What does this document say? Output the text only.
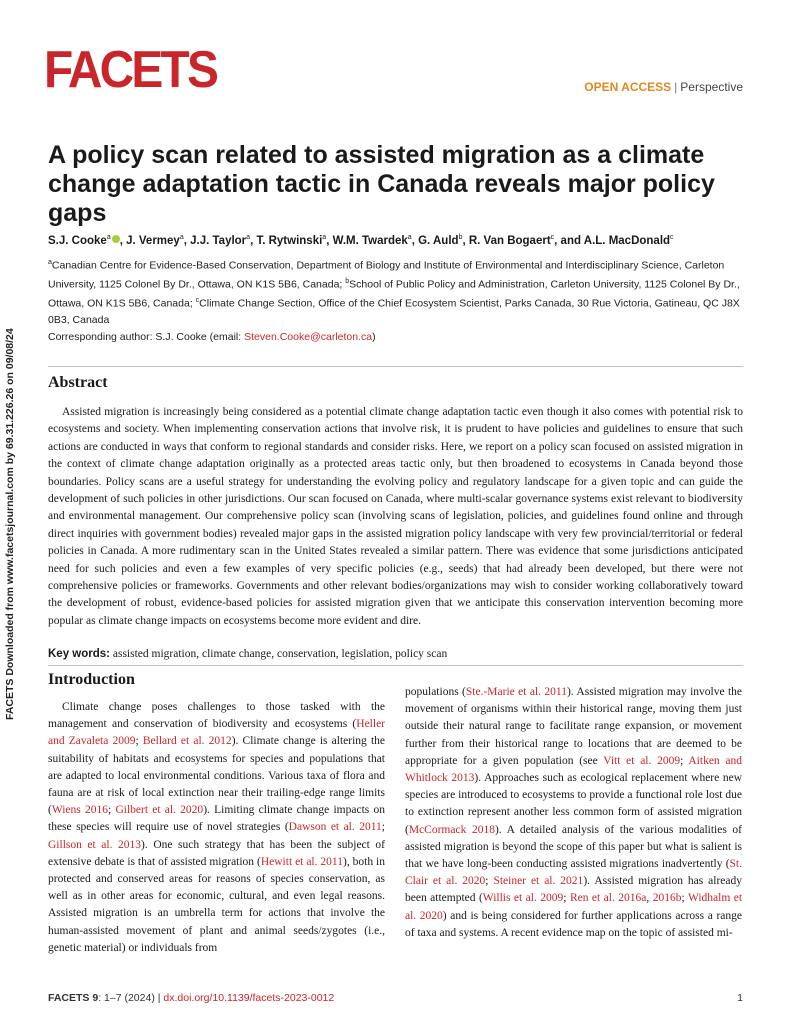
FACETS	OPEN ACCESS | Perspective
FACETS Downloaded from www.facetsjournal.com by 69.31.226.26 on 09/08/24
A policy scan related to assisted migration as a climate change adaptation tactic in Canada reveals major policy gaps
S.J. Cooke$^a$ , J. Vermey$^a$, J.J. Taylor$^a$, T. Rytwinski$^a$, W.M. Twardek$^a$, G. Auld$^b$, R. Van Bogaert$^c$, and A.L. MacDonald$^c$
$^a$Canadian Centre for Evidence-Based Conservation, Department of Biology and Institute of Environmental and Interdisciplinary Science, Carleton University, 1125 Colonel By Dr., Ottawa, ON K1S 5B6, Canada; $^b$School of Public Policy and Administration, Carleton University, 1125 Colonel By Dr., Ottawa, ON K1S 5B6, Canada; $^c$Climate Change Section, Office of the Chief Ecosystem Scientist, Parks Canada, 30 Rue Victoria, Gatineau, QC J8X 0B3, Canada
Corresponding author: S.J. Cooke (email: Steven.Cooke@carleton.ca)
Abstract

Assisted migration is increasingly being considered as a potential climate change adaptation tactic even though it also comes with potential risk to ecosystems and society. When implementing conservation actions that involve risk, it is prudent to have policies and guidelines to ensure that such actions are conducted in ways that conform to regional standards and consider risks. Here, we report on a policy scan focused on assisted migration in the context of climate change adaptation originally as a protected areas tactic only, but then broadened to ecosystems in Canada beyond those boundaries. Policy scans are a useful strategy for understanding the evolving policy and regulatory landscape for a given topic and can guide the development of such policies in other jurisdictions. Our scan focused on Canada, where multi-scalar governance systems exist relevant to biodiversity and environmental management. Our comprehensive policy scan (involving scans of legislation, policies, and guidelines found online and through direct inquiries with government bodies) revealed major gaps in the assisted migration policy landscape with very few provincial/territorial or federal policies in Canada. A more rudimentary scan in the United States revealed a similar pattern. There was evidence that some jurisdictions anticipated need for such policies and even a few examples of very specific policies (e.g., seeds) that had already been developed, but there were not comprehensive policies or frameworks. Governments and other relevant bodies/organizations may wish to consider working collaboratively toward the development of robust, evidence-based policies for assisted migration given that we anticipate this conservation intervention becoming more popular as climate change impacts on ecosystems become more evident and dire.

Key words: assisted migration, climate change, conservation, legislation, policy scan

Introduction

Climate change poses challenges to those tasked with the management and conservation of biodiversity and ecosystems (Heller and Zavaleta 2009; Bellard et al. 2012). Climate change is altering the suitability of habitats and ecosystems for species and populations that are adapted to local environmental conditions. Various taxa of flora and fauna are at risk of local extinction near their trailing-edge range limits (Wiens 2016; Gilbert et al. 2020). Limiting climate change impacts on these species will require use of novel strategies (Dawson et al. 2011; Gillson et al. 2013). One such strategy that has been the subject of extensive debate is that of assisted migration (Hewitt et al. 2011), both in protected and conserved areas for reasons of species conservation, as well as in other areas for economic, cultural, and even legal reasons. Assisted migration is an umbrella term for actions that involve the human-assisted movement of plant and animal seeds/zygotes (i.e., genetic material) or individuals from

populations (Ste.-Marie et al. 2011). Assisted migration may involve the movement of organisms within their historical range, moving them just outside their natural range to facilitate range expansion, or movement further from their historical range to locations that are deemed to be appropriate for a given population (see Vitt et al. 2009; Aitken and Whitlock 2013). Approaches such as ecological replacement where new species are introduced to ecosystems to provide a functional role lost due to extinction represent another less common form of assisted migration (McCormack 2018). A detailed analysis of the various modalities of assisted migration is beyond the scope of this paper but what is salient is that we have long-been conducting assisted migrations inadvertently (St. Clair et al. 2020; Steiner et al. 2021). Assisted migration has already been attempted (Willis et al. 2009; Ren et al. 2016a, 2016b; Widhalm et al. 2020) and is being considered for further applications across a range of taxa and systems. A recent evidence map on the topic of assisted mi-

FACETS 9: 1–7 (2024) | dx.doi.org/10.1139/facets-2023-0012	1
